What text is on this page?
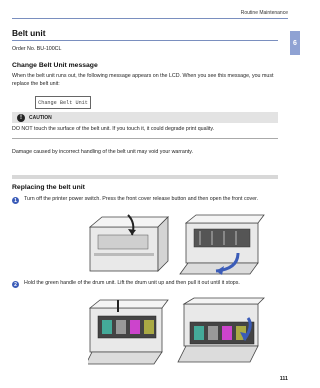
Routine Maintenance
6
Belt unit
Order No. BU-100CL
Change Belt Unit message
When the belt unit runs out, the following message appears on the LCD. When you see this message, you must replace the belt unit:
Change Belt Unit
!	CAUTION
DO NOT touch the surface of the belt unit. If you touch it, it could degrade print quality.
Damage caused by incorrect handling of the belt unit may void your warranty.
Replacing the belt unit
1	Turn off the printer power switch. Press the front cover release button and then open the front cover.
2	Hold the green handle of the drum unit. Lift the drum unit up and then pull it out until it stops.
111
